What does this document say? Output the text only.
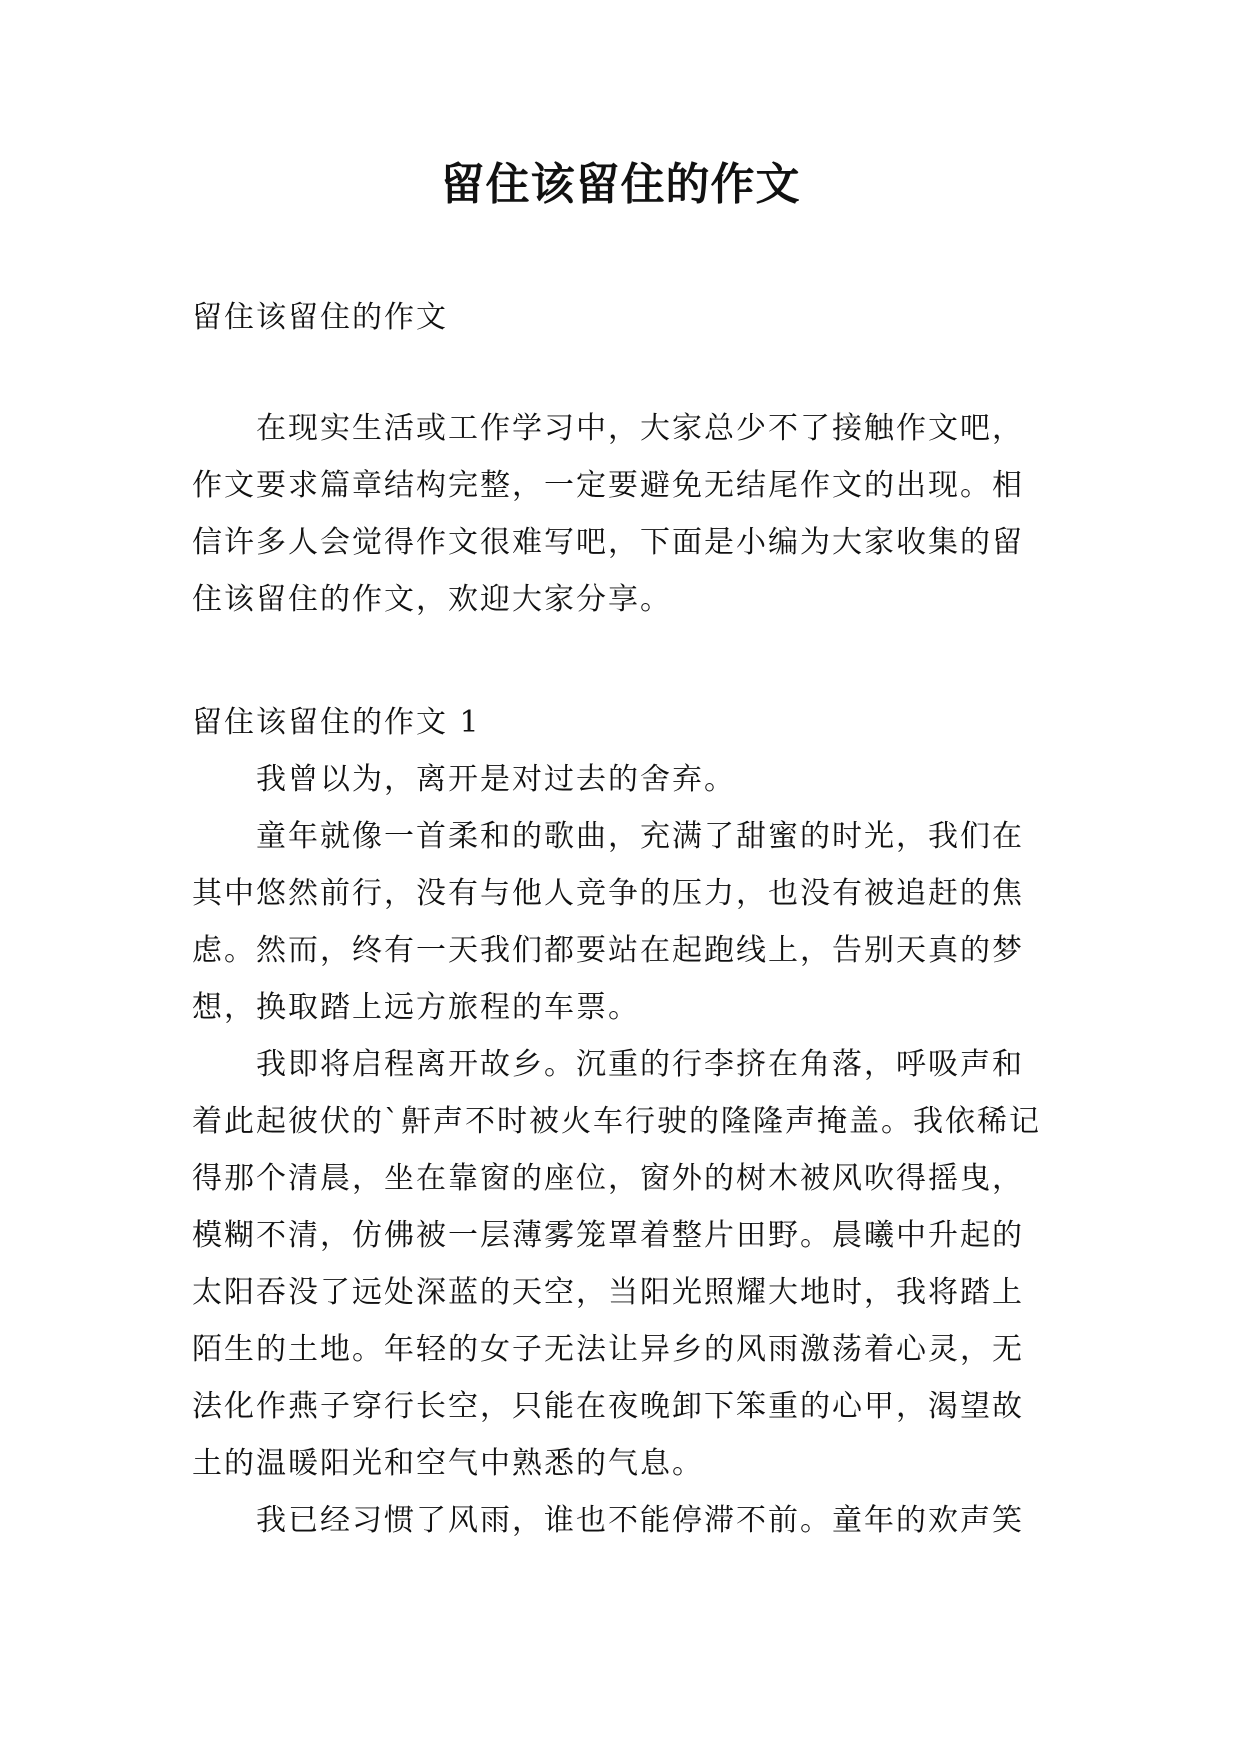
留住该留住的作文
留住该留住的作文
在现实生活或工作学习中，大家总少不了接触作文吧，作文要求篇章结构完整，一定要避免无结尾作文的出现。相信许多人会觉得作文很难写吧，下面是小编为大家收集的留住该留住的作文，欢迎大家分享。
留住该留住的作文 1

我曾以为，离开是对过去的舍弃。

童年就像一首柔和的歌曲，充满了甜蜜的时光，我们在其中悠然前行，没有与他人竞争的压力，也没有被追赶的焦虑。然而，终有一天我们都要站在起跑线上，告别天真的梦想，换取踏上远方旅程的车票。

我即将启程离开故乡。沉重的行李挤在角落，呼吸声和着此起彼伏的`鼾声不时被火车行驶的隆隆声掩盖。我依稀记得那个清晨，坐在靠窗的座位，窗外的树木被风吹得摇曳，模糊不清，仿佛被一层薄雾笼罩着整片田野。晨曦中升起的太阳吞没了远处深蓝的天空，当阳光照耀大地时，我将踏上陌生的土地。年轻的女子无法让异乡的风雨激荡着心灵，无法化作燕子穿行长空，只能在夜晚卸下笨重的心甲，渴望故土的温暖阳光和空气中熟悉的气息。

我已经习惯了风雨，谁也不能停滞不前。童年的欢声笑
